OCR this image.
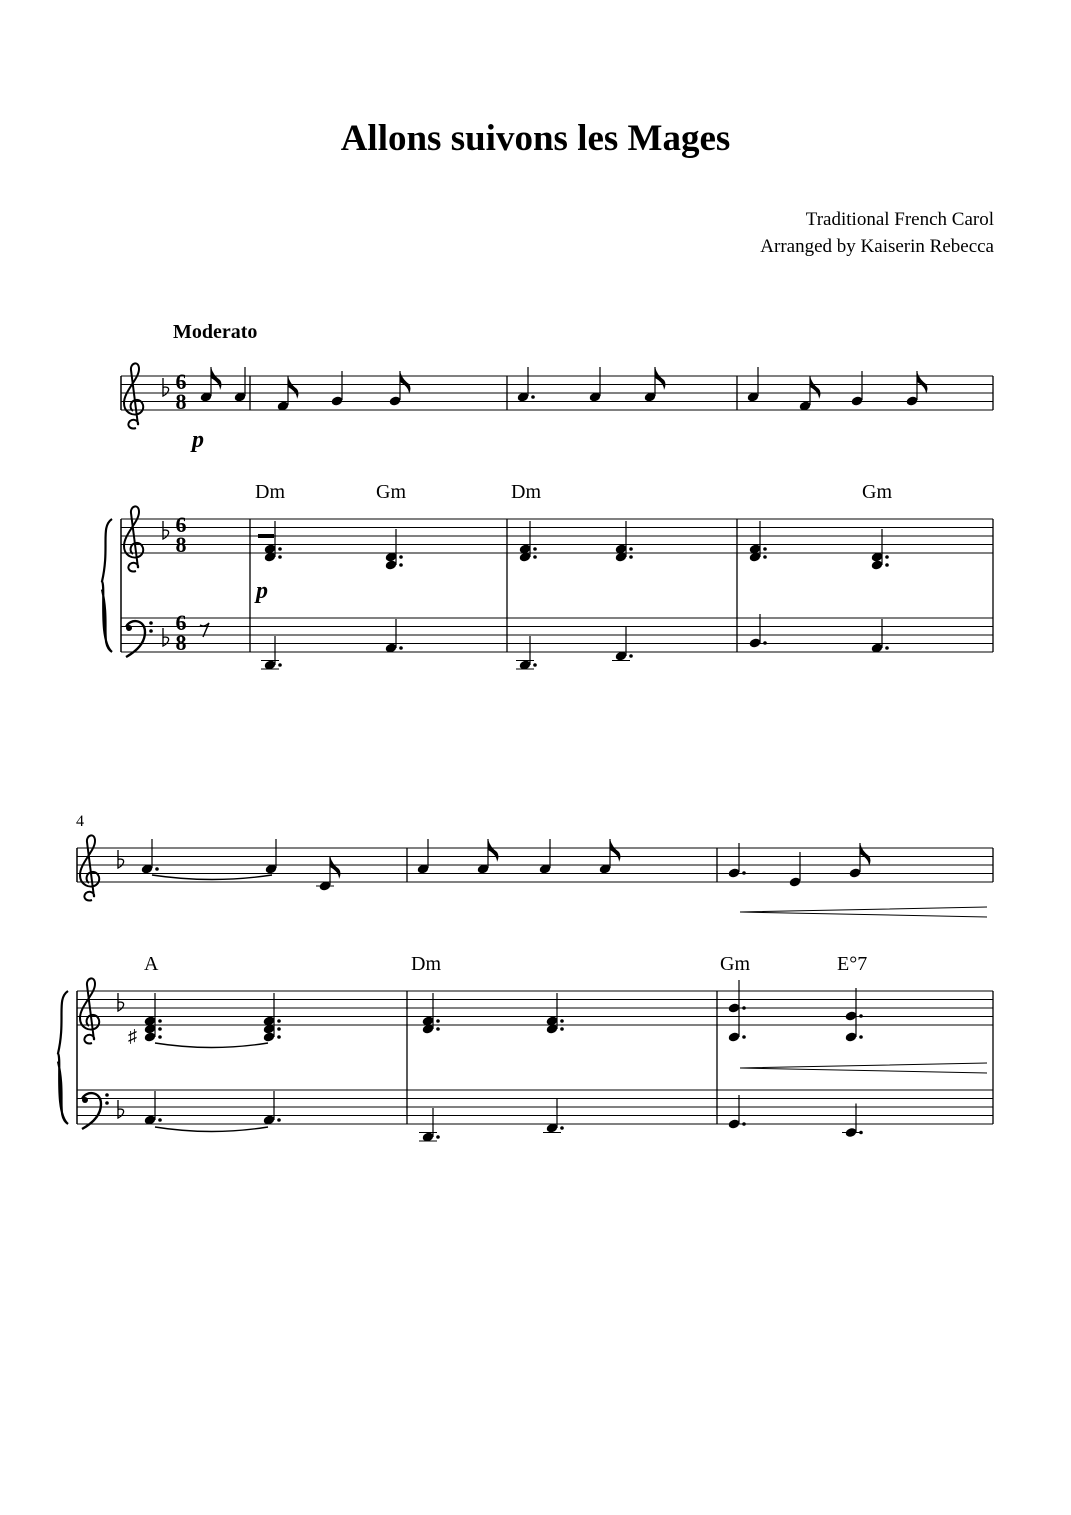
Allons suivons les Mages
Traditional French Carol
Arranged by Kaiserin Rebecca
♯
Moderato
p
p
4
Dm	Gm	Dm	Gm
A	Dm	Gm	E°7
6
8
6
8
6
8
